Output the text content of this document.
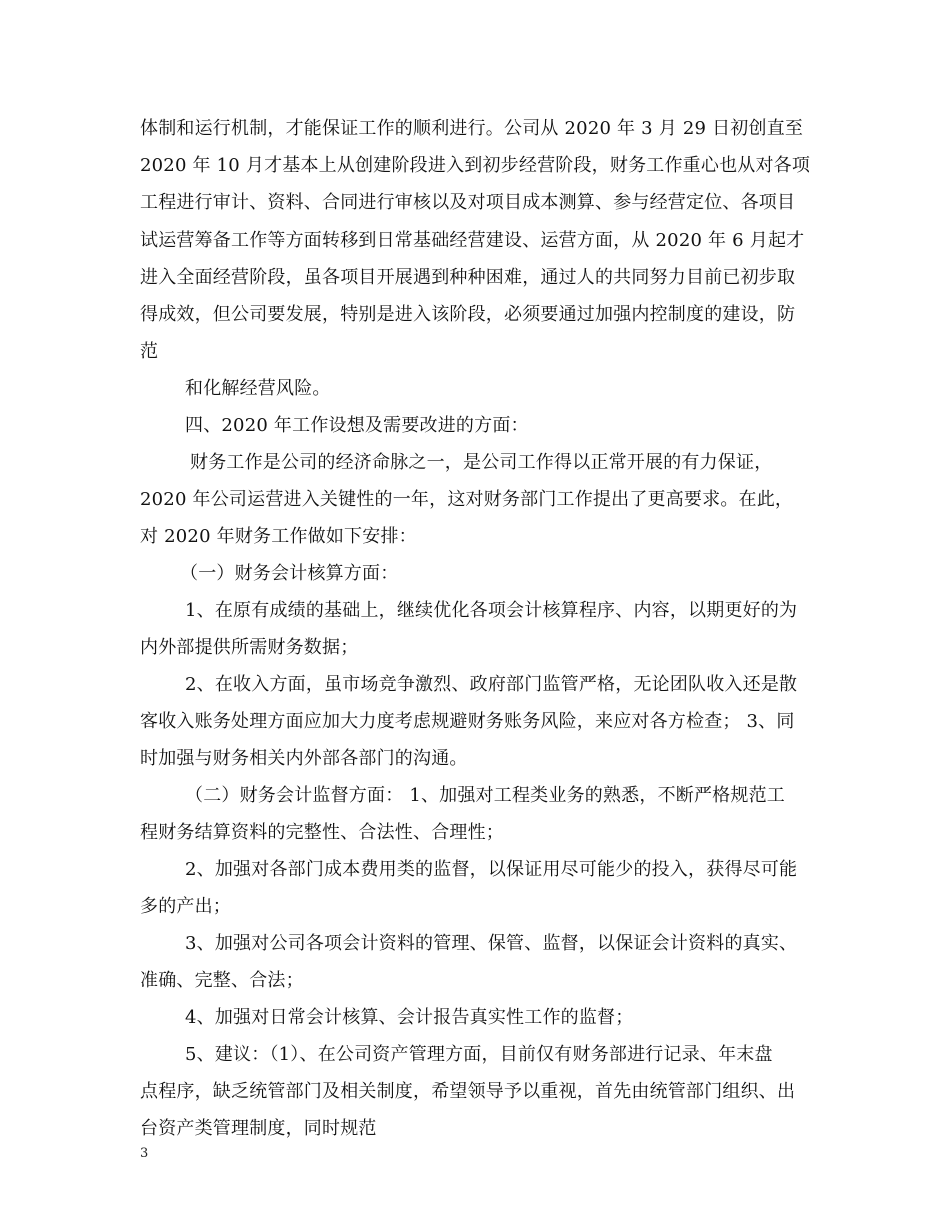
体制和运行机制，才能保证工作的顺利进行。公司从 2020 年 3 月 29 日初创直至

2020 年 10 月才基本上从创建阶段进入到初步经营阶段，财务工作重心也从对各项

工程进行审计、资料、合同进行审核以及对项目成本测算、参与经营定位、各项目

试运营筹备工作等方面转移到日常基础经营建设、运营方面，从 2020 年 6 月起才

进入全面经营阶段，虽各项目开展遇到种种困难，通过人的共同努力目前已初步取

得成效，但公司要发展，特别是进入该阶段，必须要通过加强内控制度的建设，防

范

和化解经营风险。

四、2020 年工作设想及需要改进的方面：

财务工作是公司的经济命脉之一，是公司工作得以正常开展的有力保证，

2020 年公司运营进入关键性的一年，这对财务部门工作提出了更高要求。在此，

对 2020 年财务工作做如下安排：

（一）财务会计核算方面：

1、在原有成绩的基础上，继续优化各项会计核算程序、内容，以期更好的为

内外部提供所需财务数据；

2、在收入方面，虽市场竞争激烈、政府部门监管严格，无论团队收入还是散

客收入账务处理方面应加大力度考虑规避财务账务风险，来应对各方检查； 3、同

时加强与财务相关内外部各部门的沟通。

（二）财务会计监督方面： 1、加强对工程类业务的熟悉，不断严格规范工

程财务结算资料的完整性、合法性、合理性；

2、加强对各部门成本费用类的监督，以保证用尽可能少的投入，获得尽可能

多的产出；

3、加强对公司各项会计资料的管理、保管、监督，以保证会计资料的真实、

准确、完整、合法；

4、加强对日常会计核算、会计报告真实性工作的监督；

5、建议：（1）、在公司资产管理方面，目前仅有财务部进行记录、年末盘

点程序，缺乏统管部门及相关制度，希望领导予以重视，首先由统管部门组织、出

台资产类管理制度，同时规范

3
